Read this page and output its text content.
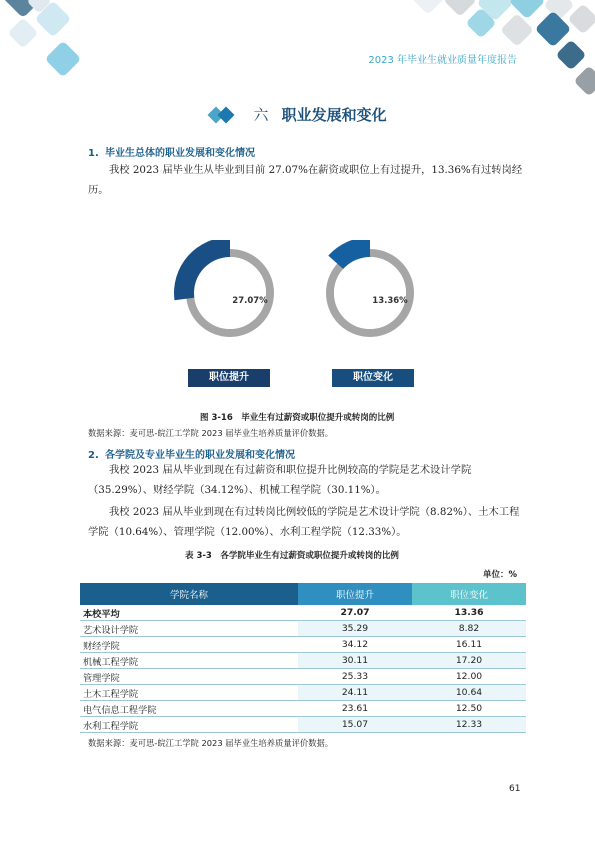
2023 年毕业生就业质量年度报告
六 职业发展和变化
1. 毕业生总体的职业发展和变化情况
我校 2023 届毕业生从毕业到目前 27.07%在薪资或职位上有过提升，13.36%有过转岗经历。
27.07%	13.36%
职位提升	职位变化
图 3-16　毕业生有过薪资或职位提升或转岗的比例
数据来源：麦可思-皖江工学院 2023 届毕业生培养质量评价数据。
2. 各学院及专业毕业生的职业发展和变化情况
我校 2023 届从毕业到现在有过薪资和职位提升比例较高的学院是艺术设计学院（35.29%）、财经学院（34.12%）、机械工程学院（30.11%）。
我校 2023 届从毕业到现在有过转岗比例较低的学院是艺术设计学院（8.82%）、土木工程学院（10.64%）、管理学院（12.00%）、水利工程学院（12.33%）。
表 3-3　各学院毕业生有过薪资或职位提升或转岗的比例
单位：%
学院名称	职位提升	职位变化
本校平均	27.07	13.36
艺术设计学院	35.29	8.82
财经学院	34.12	16.11
机械工程学院	30.11	17.20
管理学院	25.33	12.00
土木工程学院	24.11	10.64
电气信息工程学院	23.61	12.50
水利工程学院	15.07	12.33
数据来源：麦可思-皖江工学院 2023 届毕业生培养质量评价数据。
61
